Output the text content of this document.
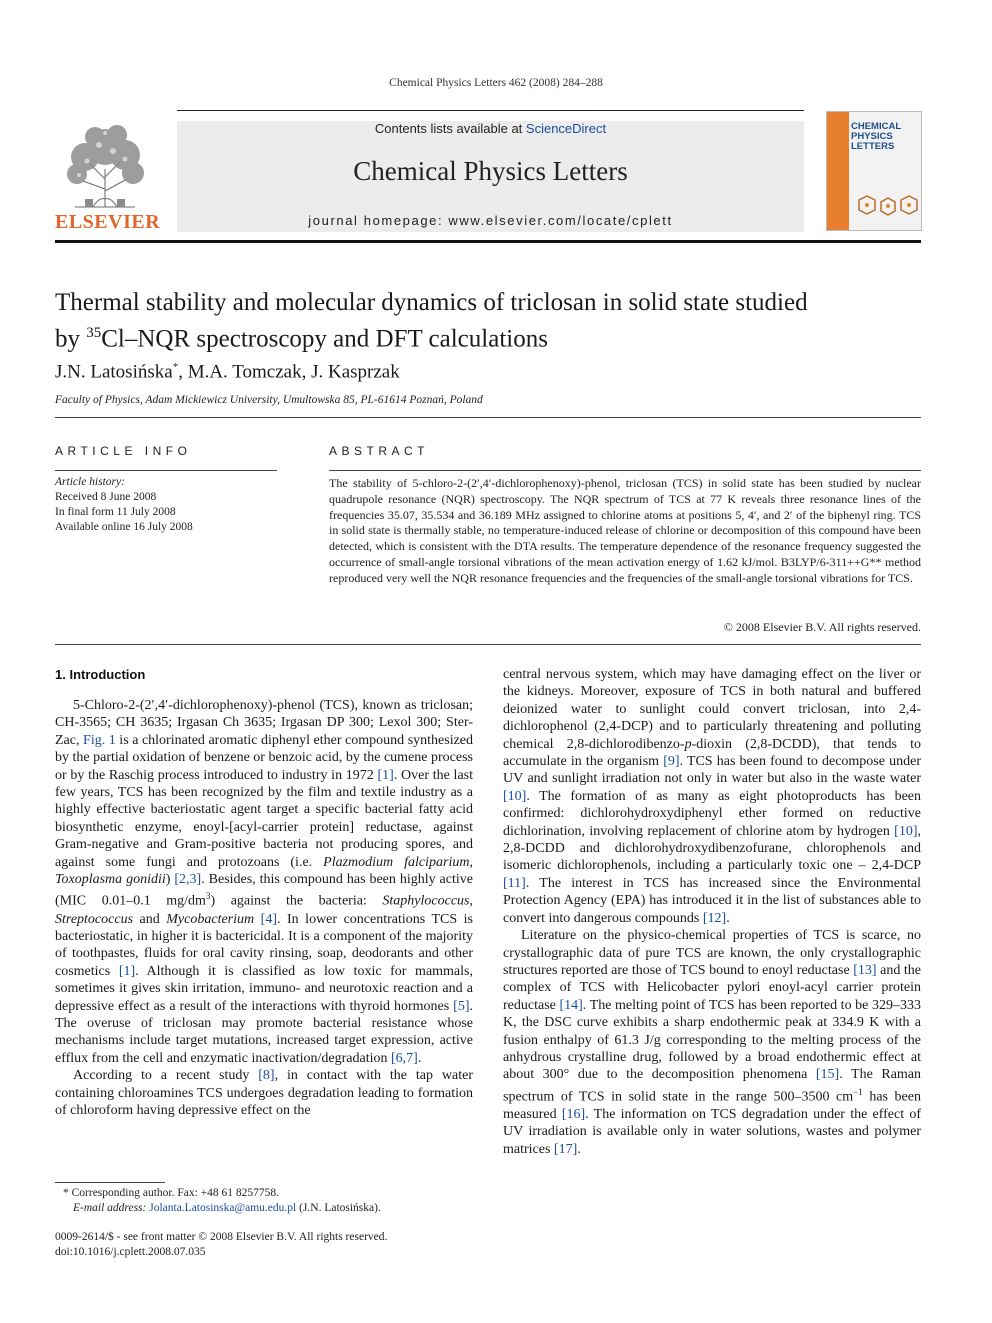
Chemical Physics Letters 462 (2008) 284–288
Contents lists available at ScienceDirect
Chemical Physics Letters
journal homepage: www.elsevier.com/locate/cplett
ELSEVIER
CHEMICAL
PHYSICS
LETTERS
Thermal stability and molecular dynamics of triclosan in solid state studied
by $^{35}$Cl–NQR spectroscopy and DFT calculations
J.N. Latosińska*, M.A. Tomczak, J. Kasprzak
Faculty of Physics, Adam Mickiewicz University, Umultowska 85, PL-61614 Poznań, Poland
ARTICLE INFO
Article history:
Received 8 June 2008
In final form 11 July 2008
Available online 16 July 2008
ABSTRACT
The stability of 5-chloro-2-(2′,4′-dichlorophenoxy)-phenol, triclosan (TCS) in solid state has been studied by nuclear quadrupole resonance (NQR) spectroscopy. The NQR spectrum of TCS at 77 K reveals three resonance lines of the frequencies 35.07, 35.534 and 36.189 MHz assigned to chlorine atoms at positions 5, 4′, and 2′ of the biphenyl ring. TCS in solid state is thermally stable, no temperature-induced release of chlorine or decomposition of this compound have been detected, which is consistent with the DTA results. The temperature dependence of the resonance frequency suggested the occurrence of small-angle torsional vibrations of the mean activation energy of 1.62 kJ/mol. B3LYP/6-311++G** method reproduced very well the NQR resonance frequencies and the frequencies of the small-angle torsional vibrations for TCS.
© 2008 Elsevier B.V. All rights reserved.
1. Introduction

5-Chloro-2-(2′,4′-dichlorophenoxy)-phenol (TCS), known as triclosan; CH-3565; CH 3635; Irgasan Ch 3635; Irgasan DP 300; Lexol 300; Ster-Zac, Fig. 1 is a chlorinated aromatic diphenyl ether compound synthesized by the partial oxidation of benzene or benzoic acid, by the cumene process or by the Raschig process introduced to industry in 1972 [1]. Over the last few years, TCS has been recognized by the film and textile industry as a highly effective bacteriostatic agent target a specific bacterial fatty acid biosynthetic enzyme, enoyl-[acyl-carrier protein] reductase, against Gram-negative and Gram-positive bacteria not producing spores, and against some fungi and protozoans (i.e. Plazmodium falciparium, Toxoplasma gonidii) [2,3]. Besides, this compound has been highly active (MIC 0.01–0.1 $mg/dm^3$) against the bacteria: Staphylococcus, Streptococcus and Mycobacterium [4]. In lower concentrations TCS is bacteriostatic, in higher it is bactericidal. It is a component of the majority of toothpastes, fluids for oral cavity rinsing, soap, deodorants and other cosmetics [1]. Although it is classified as low toxic for mammals, sometimes it gives skin irritation, immuno- and neurotoxic reaction and a depressive effect as a result of the interactions with thyroid hormones [5]. The overuse of triclosan may promote bacterial resistance whose mechanisms include target mutations, increased target expression, active efflux from the cell and enzymatic inactivation/degradation [6,7].

According to a recent study [8], in contact with the tap water containing chloroamines TCS undergoes degradation leading to formation of chloroform having depressive effect on the

central nervous system, which may have damaging effect on the liver or the kidneys. Moreover, exposure of TCS in both natural and buffered deionized water to sunlight could convert triclosan, into 2,4-dichlorophenol (2,4-DCP) and to particularly threatening and polluting chemical 2,8-dichlorodibenzo-p-dioxin (2,8-DCDD), that tends to accumulate in the organism [9]. TCS has been found to decompose under UV and sunlight irradiation not only in water but also in the waste water [10]. The formation of as many as eight photoproducts has been confirmed: dichlorohydroxydiphenyl ether formed on reductive dichlorination, involving replacement of chlorine atom by hydrogen [10], 2,8-DCDD and dichlorohydroxydibenzofurane, chlorophenols and isomeric dichlorophenols, including a particularly toxic one – 2,4-DCP [11]. The interest in TCS has increased since the Environmental Protection Agency (EPA) has introduced it in the list of substances able to convert into dangerous compounds [12].

Literature on the physico-chemical properties of TCS is scarce, no crystallographic data of pure TCS are known, the only crystallographic structures reported are those of TCS bound to enoyl reductase [13] and the complex of TCS with Helicobacter pylori enoyl-acyl carrier protein reductase [14]. The melting point of TCS has been reported to be 329–333 K, the DSC curve exhibits a sharp endothermic peak at 334.9 K with a fusion enthalpy of 61.3 J/g corresponding to the melting process of the anhydrous crystalline drug, followed by a broad endothermic effect at about 300° due to the decomposition phenomena [15]. The Raman spectrum of TCS in solid state in the range 500–3500 $cm^{-1}$ has been measured [16]. The information on TCS degradation under the effect of UV irradiation is available only in water solutions, wastes and polymer matrices [17].

* Corresponding author. Fax: +48 61 8257758.
E-mail address: Jolanta.Latosinska@amu.edu.pl (J.N. Latosińska).
0009-2614/$ - see front matter © 2008 Elsevier B.V. All rights reserved.
doi:10.1016/j.cplett.2008.07.035
